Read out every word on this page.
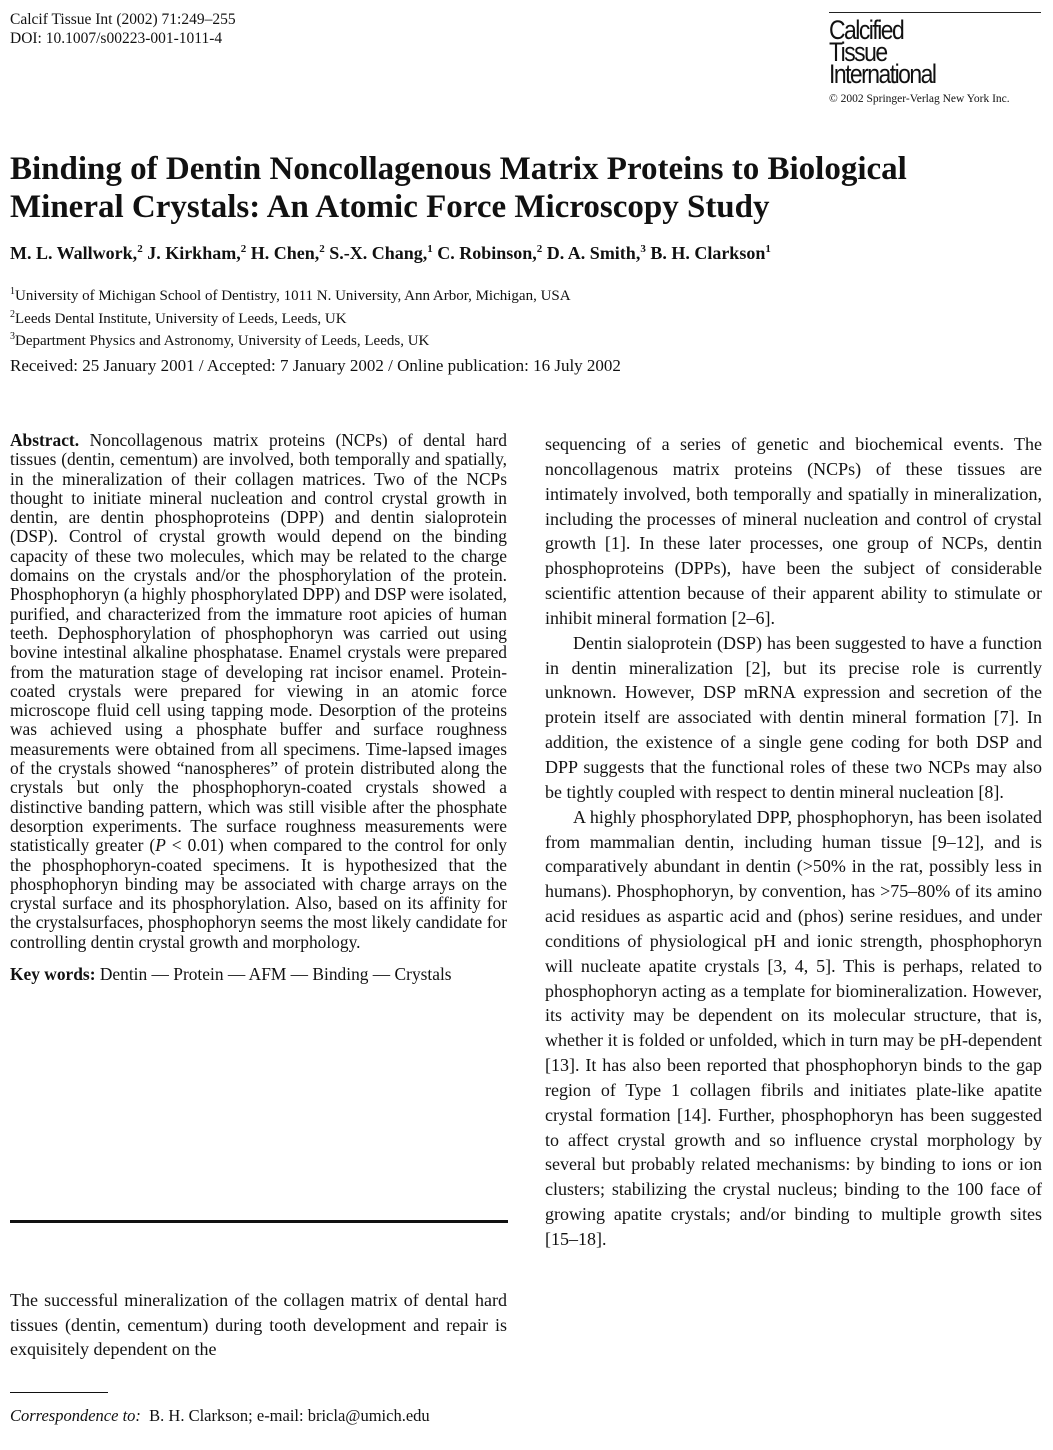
Calcif Tissue Int (2002) 71:249–255
DOI: 10.1007/s00223-001-1011-4	Calcified
Tissue
International
© 2002 Springer-Verlag New York Inc.
Binding of Dentin Noncollagenous Matrix Proteins to Biological
Mineral Crystals: An Atomic Force Microscopy Study
M. L. Wallwork,$^2$ J. Kirkham,$^2$ H. Chen,$^2$ S.-X. Chang,$^1$ C. Robinson,$^2$ D. A. Smith,$^3$ B. H. Clarkson$^1$
$^1$University of Michigan School of Dentistry, 1011 N. University, Ann Arbor, Michigan, USA
$^2$Leeds Dental Institute, University of Leeds, Leeds, UK
$^3$Department Physics and Astronomy, University of Leeds, Leeds, UK
Received: 25 January 2001 / Accepted: 7 January 2002 / Online publication: 16 July 2002

Abstract. Noncollagenous matrix proteins (NCPs) of dental hard tissues (dentin, cementum) are involved, both temporally and spatially, in the mineralization of their collagen matrices. Two of the NCPs thought to initiate mineral nucleation and control crystal growth in dentin, are dentin phosphoproteins (DPP) and dentin sialoprotein (DSP). Control of crystal growth would depend on the binding capacity of these two molecules, which may be related to the charge domains on the crystals and/or the phosphorylation of the protein. Phosphophoryn (a highly phosphorylated DPP) and DSP were isolated, purified, and characterized from the immature root apicies of human teeth. Dephosphorylation of phosphophoryn was carried out using bovine intestinal alkaline phosphatase. Enamel crystals were prepared from the maturation stage of developing rat incisor enamel. Protein-coated crystals were prepared for viewing in an atomic force microscope fluid cell using tapping mode. Desorption of the proteins was achieved using a phosphate buffer and surface roughness measurements were obtained from all specimens. Time-lapsed images of the crystals showed “nanospheres” of protein distributed along the crystals but only the phosphophoryn-coated crystals showed a distinctive banding pattern, which was still visible after the phosphate desorption experiments. The surface roughness measurements were statistically greater (P < 0.01) when compared to the control for only the phosphophoryn-coated specimens. It is hypothesized that the phosphophoryn binding may be associated with charge arrays on the crystal surface and its phosphorylation. Also, based on its affinity for the crystalsurfaces, phosphophoryn seems the most likely candidate for controlling dentin crystal growth and morphology.

Key words: Dentin — Protein — AFM — Binding — Crystals

The successful mineralization of the collagen matrix of dental hard tissues (dentin, cementum) during tooth development and repair is exquisitely dependent on the

Correspondence to: B. H. Clarkson; e-mail: bricla@umich.edu

sequencing of a series of genetic and biochemical events. The noncollagenous matrix proteins (NCPs) of these tissues are intimately involved, both temporally and spatially in mineralization, including the processes of mineral nucleation and control of crystal growth [1]. In these later processes, one group of NCPs, dentin phosphoproteins (DPPs), have been the subject of considerable scientific attention because of their apparent ability to stimulate or inhibit mineral formation [2–6].

Dentin sialoprotein (DSP) has been suggested to have a function in dentin mineralization [2], but its precise role is currently unknown. However, DSP mRNA expression and secretion of the protein itself are associated with dentin mineral formation [7]. In addition, the existence of a single gene coding for both DSP and DPP suggests that the functional roles of these two NCPs may also be tightly coupled with respect to dentin mineral nucleation [8].

A highly phosphorylated DPP, phosphophoryn, has been isolated from mammalian dentin, including human tissue [9–12], and is comparatively abundant in dentin (>50% in the rat, possibly less in humans). Phosphophoryn, by convention, has >75–80% of its amino acid residues as aspartic acid and (phos) serine residues, and under conditions of physiological pH and ionic strength, phosphophoryn will nucleate apatite crystals [3, 4, 5]. This is perhaps, related to phosphophoryn acting as a template for biomineralization. However, its activity may be dependent on its molecular structure, that is, whether it is folded or unfolded, which in turn may be pH-dependent [13]. It has also been reported that phosphophoryn binds to the gap region of Type 1 collagen fibrils and initiates plate-like apatite crystal formation [14]. Further, phosphophoryn has been suggested to affect crystal growth and so influence crystal morphology by several but probably related mechanisms: by binding to ions or ion clusters; stabilizing the crystal nucleus; binding to the 100 face of growing apatite crystals; and/or binding to multiple growth sites [15–18].
